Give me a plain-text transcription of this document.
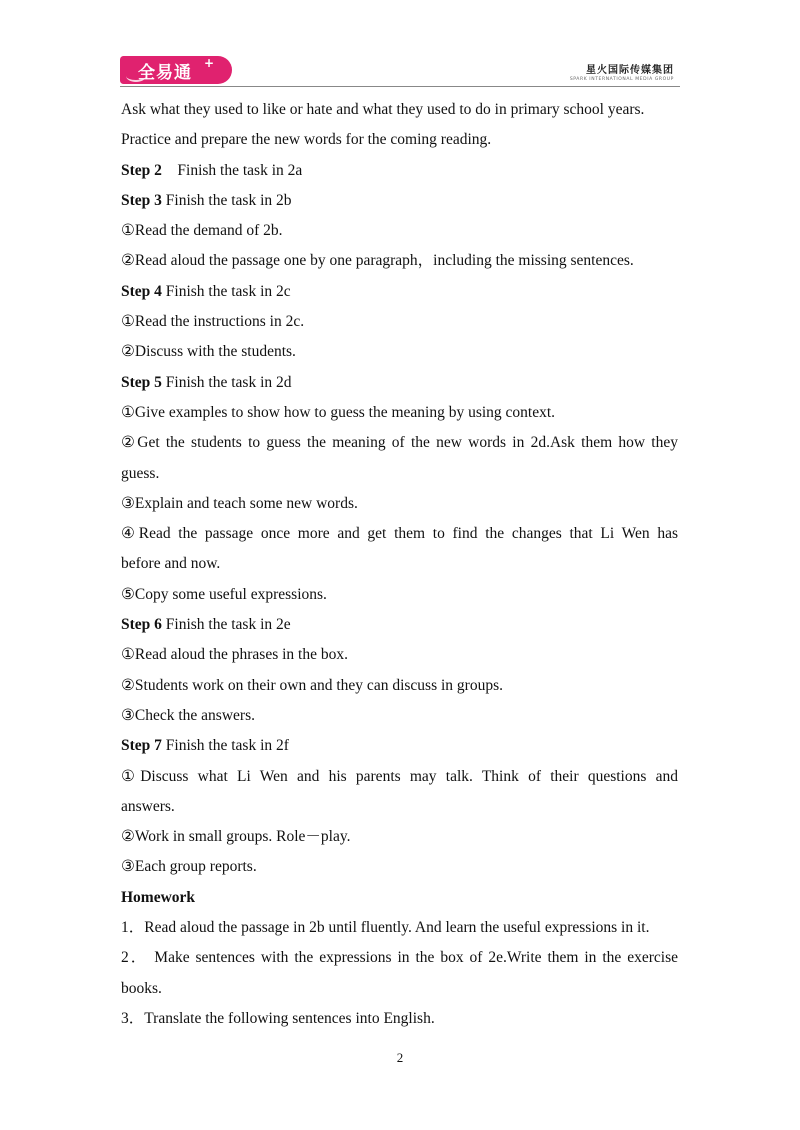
全易通 +
星火国际传媒集团
SPARK INTERNATIONAL MEDIA GROUP
Ask what they used to like or hate and what they used to do in primary school years.
Practice and prepare the new words for the coming reading.
Step 2 Finish the task in 2a
Step 3 Finish the task in 2b
①Read the demand of 2b.
②Read aloud the passage one by one paragraph，including the missing sentences.
Step 4 Finish the task in 2c
①Read the instructions in 2c.
②Discuss with the students.
Step 5 Finish the task in 2d
①Give examples to show how to guess the meaning by using context.
②Get the students to guess the meaning of the new words in 2d.Ask them how they
guess.
③Explain and teach some new words.
④Read the passage once more and get them to find the changes that Li Wen has
before and now.
⑤Copy some useful expressions.
Step 6 Finish the task in 2e
①Read aloud the phrases in the box.
②Students work on their own and they can discuss in groups.
③Check the answers.
Step 7 Finish the task in 2f
①Discuss what Li Wen and his parents may talk. Think of their questions and
answers.
②Work in small groups. Role－play.
③Each group reports.
Homework
1．Read aloud the passage in 2b until fluently. And learn the useful expressions in it.
2． Make sentences with the expressions in the box of 2e.Write them in the exercise
books.
3．Translate the following sentences into English.
2
